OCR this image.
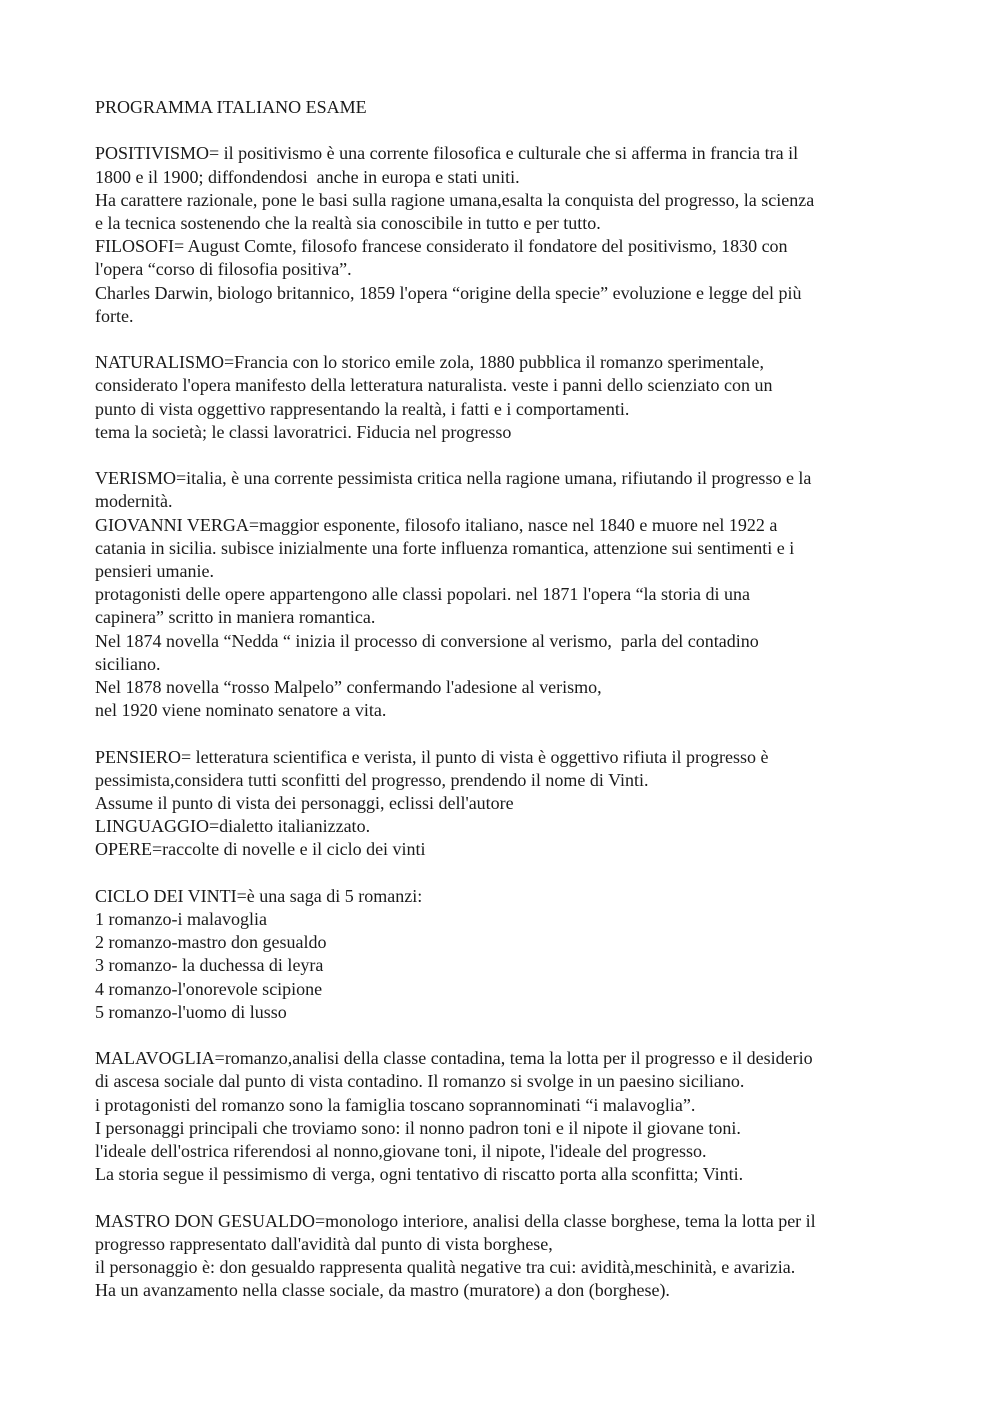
PROGRAMMA ITALIANO ESAME

POSITIVISMO= il positivismo è una corrente filosofica e culturale che si afferma in francia tra il
1800 e il 1900; diffondendosi  anche in europa e stati uniti.
Ha carattere razionale, pone le basi sulla ragione umana,esalta la conquista del progresso, la scienza
e la tecnica sostenendo che la realtà sia conoscibile in tutto e per tutto.
FILOSOFI= August Comte, filosofo francese considerato il fondatore del positivismo, 1830 con
l'opera “corso di filosofia positiva”.
Charles Darwin, biologo britannico, 1859 l'opera “origine della specie” evoluzione e legge del più
forte.
NATURALISMO=Francia con lo storico emile zola, 1880 pubblica il romanzo sperimentale,
considerato l'opera manifesto della letteratura naturalista. veste i panni dello scienziato con un
punto di vista oggettivo rappresentando la realtà, i fatti e i comportamenti.
tema la società; le classi lavoratrici. Fiducia nel progresso
VERISMO=italia, è una corrente pessimista critica nella ragione umana, rifiutando il progresso e la
modernità.
GIOVANNI VERGA=maggior esponente, filosofo italiano, nasce nel 1840 e muore nel 1922 a
catania in sicilia. subisce inizialmente una forte influenza romantica, attenzione sui sentimenti e i
pensieri umanie.
protagonisti delle opere appartengono alle classi popolari. nel 1871 l'opera “la storia di una
capinera” scritto in maniera romantica.
Nel 1874 novella “Nedda “ inizia il processo di conversione al verismo,  parla del contadino
siciliano.
Nel 1878 novella “rosso Malpelo” confermando l'adesione al verismo,
nel 1920 viene nominato senatore a vita.
PENSIERO= letteratura scientifica e verista, il punto di vista è oggettivo rifiuta il progresso è
pessimista,considera tutti sconfitti del progresso, prendendo il nome di Vinti.
Assume il punto di vista dei personaggi, eclissi dell'autore
LINGUAGGIO=dialetto italianizzato.
OPERE=raccolte di novelle e il ciclo dei vinti
CICLO DEI VINTI=è una saga di 5 romanzi:
1 romanzo-i malavoglia
2 romanzo-mastro don gesualdo
3 romanzo- la duchessa di leyra
4 romanzo-l'onorevole scipione
5 romanzo-l'uomo di lusso
MALAVOGLIA=romanzo,analisi della classe contadina, tema la lotta per il progresso e il desiderio
di ascesa sociale dal punto di vista contadino. Il romanzo si svolge in un paesino siciliano.
i protagonisti del romanzo sono la famiglia toscano soprannominati “i malavoglia”.
I personaggi principali che troviamo sono: il nonno padron toni e il nipote il giovane toni.
l'ideale dell'ostrica riferendosi al nonno,giovane toni, il nipote, l'ideale del progresso.
La storia segue il pessimismo di verga, ogni tentativo di riscatto porta alla sconfitta; Vinti.
MASTRO DON GESUALDO=monologo interiore, analisi della classe borghese, tema la lotta per il
progresso rappresentato dall'avidità dal punto di vista borghese,
il personaggio è: don gesualdo rappresenta qualità negative tra cui: avidità,meschinità, e avarizia.
Ha un avanzamento nella classe sociale, da mastro (muratore) a don (borghese).
